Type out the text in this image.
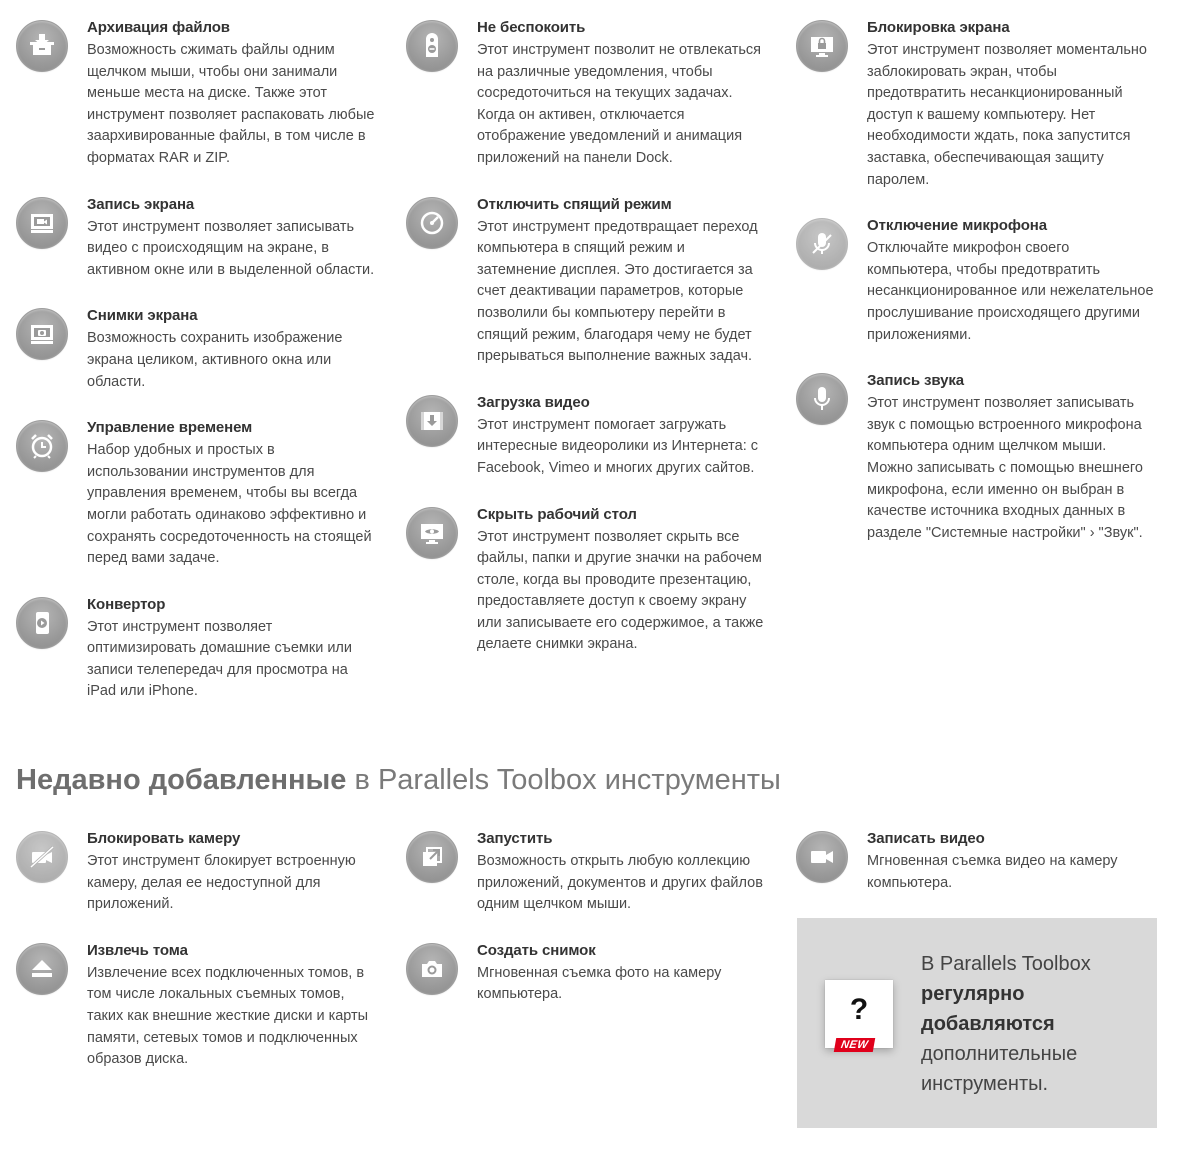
Архивация файлов

Возможность сжимать файлы одним щелчком мыши, чтобы они занимали меньше места на диске. Также этот инструмент позволяет распаковать любые заархивированные файлы, в том числе в форматах RAR и ZIP.

Запись экрана

Этот инструмент позволяет записывать видео с происходящим на экране, в активном окне или в выделенной области.

Снимки экрана

Возможность сохранить изображение экрана целиком, активного окна или области.

Управление временем

Набор удобных и простых в использовании инструментов для управления временем, чтобы вы всегда могли работать одинаково эффективно и сохранять сосредоточенность на стоящей перед вами задаче.

Конвертор

Этот инструмент позволяет оптимизировать домашние съемки или записи телепередач для просмотра на iPad или iPhone.

Не беспокоить

Этот инструмент позволит не отвлекаться на различные уведомления, чтобы сосредоточиться на текущих задачах. Когда он активен, отключается отображение уведомлений и анимация приложений на панели Dock.

Отключить спящий режим

Этот инструмент предотвращает переход компьютера в спящий режим и затемнение дисплея. Это достигается за счет деактивации параметров, которые позволили бы компьютеру перейти в спящий режим, благодаря чему не будет прерываться выполнение важных задач.

Загрузка видео

Этот инструмент помогает загружать интересные видеоролики из Интернета: с Facebook, Vimeo и многих других сайтов.

Скрыть рабочий стол

Этот инструмент позволяет скрыть все файлы, папки и другие значки на рабочем столе, когда вы проводите презентацию, предоставляете доступ к своему экрану или записываете его содержимое, а также делаете снимки экрана.

Блокировка экрана

Этот инструмент позволяет моментально заблокировать экран, чтобы предотвратить несанкционированный доступ к вашему компьютеру. Нет необходимости ждать, пока запустится заставка, обеспечивающая защиту паролем.

Отключение микрофона

Отключайте микрофон своего компьютера, чтобы предотвратить несанкционированное или нежелательное прослушивание происходящего другими приложениями.

Запись звука

Этот инструмент позволяет записывать звук с помощью встроенного микрофона компьютера одним щелчком мыши. Можно записывать с помощью внешнего микрофона, если именно он выбран в качестве источника входных данных в разделе "Системные настройки" › "Звук".

Недавно добавленные в Parallels Toolbox инструменты
Блокировать камеру

Этот инструмент блокирует встроенную камеру, делая ее недоступной для приложений.

Извлечь тома

Извлечение всех подключенных томов, в том числе локальных съемных томов, таких как внешние жесткие диски и карты памяти, сетевых томов и подключенных образов диска.

Запустить

Возможность открыть любую коллекцию приложений, документов и других файлов одним щелчком мыши.

Создать снимок

Мгновенная съемка фото на камеру компьютера.

Записать видео

Мгновенная съемка видео на камеру компьютера.

?
NEW
В Parallels Toolbox
регулярно
добавляются
дополнительные
инструменты.
